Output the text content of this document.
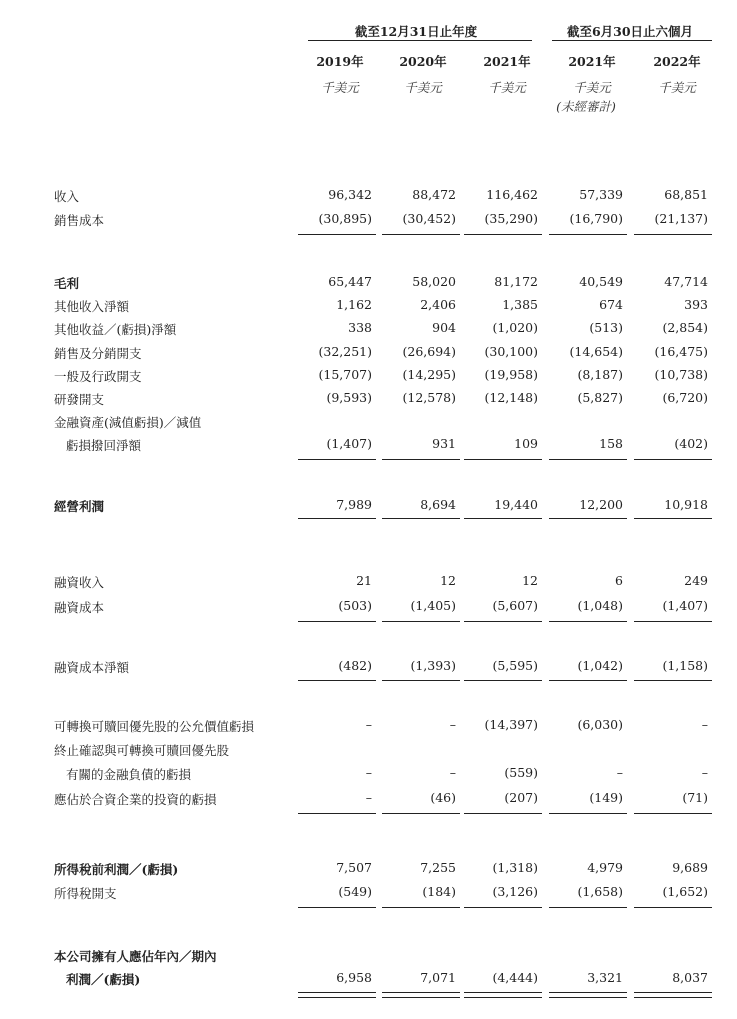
截至12月31日止年度	截至6月30日止六個月
2019年	2020年	2021年	2021年	2022年
千美元	千美元	千美元	千美元	千美元
(未經審計)
收入	96,342	88,472	116,462	57,339	68,851
銷售成本	(30,895)	(30,452)	(35,290)	(16,790)	(21,137)
毛利	65,447	58,020	81,172	40,549	47,714
其他收入淨額	1,162	2,406	1,385	674	393
其他收益／(虧損)淨額	338	904	(1,020)	(513)	(2,854)
銷售及分銷開支	(32,251)	(26,694)	(30,100)	(14,654)	(16,475)
一般及行政開支	(15,707)	(14,295)	(19,958)	(8,187)	(10,738)
研發開支	(9,593)	(12,578)	(12,148)	(5,827)	(6,720)
金融資產(減值虧損)／減值
虧損撥回淨額	(1,407)	931	109	158	(402)
經營利潤	7,989	8,694	19,440	12,200	10,918
融資收入	21	12	12	6	249
融資成本	(503)	(1,405)	(5,607)	(1,048)	(1,407)
融資成本淨額	(482)	(1,393)	(5,595)	(1,042)	(1,158)
可轉換可贖回優先股的公允價值虧損	–	–	(14,397)	(6,030)	–
終止確認與可轉換可贖回優先股
有關的金融負債的虧損	–	–	(559)	–	–
應佔於合資企業的投資的虧損	–	(46)	(207)	(149)	(71)
所得稅前利潤／(虧損)	7,507	7,255	(1,318)	4,979	9,689
所得稅開支	(549)	(184)	(3,126)	(1,658)	(1,652)
本公司擁有人應佔年內／期內
利潤／(虧損)	6,958	7,071	(4,444)	3,321	8,037
